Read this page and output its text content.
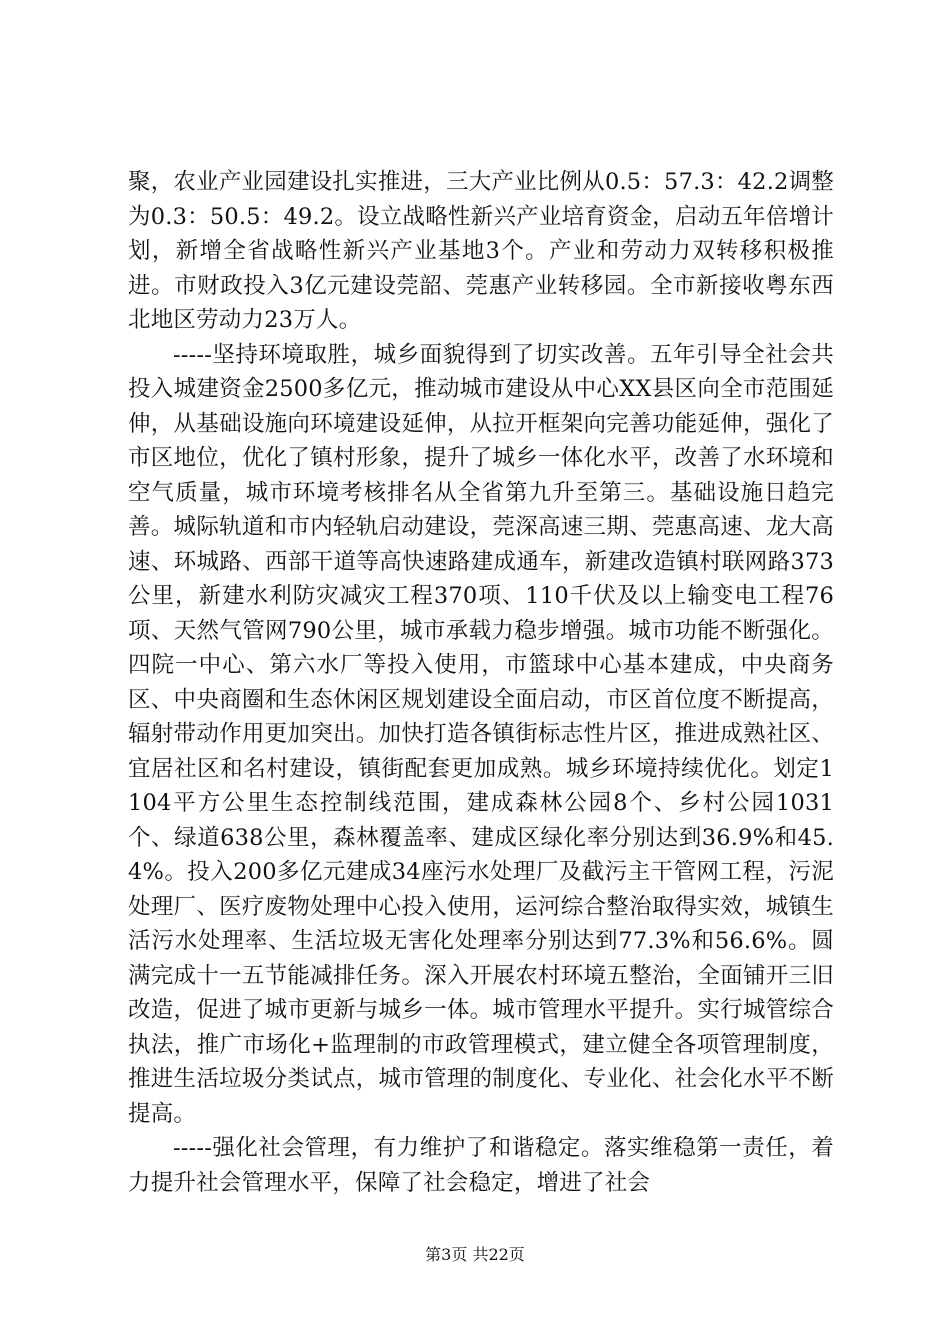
聚，农业产业园建设扎实推进，三大产业比例从0.5：57.3：42.2调整为0.3：50.5：49.2。设立战略性新兴产业培育资金，启动五年倍增计划，新增全省战略性新兴产业基地3个。产业和劳动力双转移积极推进。市财政投入3亿元建设莞韶、莞惠产业转移园。全市新接收粤东西北地区劳动力23万人。

-----坚持环境取胜，城乡面貌得到了切实改善。五年引导全社会共投入城建资金2500多亿元，推动城市建设从中心XX县区向全市范围延伸，从基础设施向环境建设延伸，从拉开框架向完善功能延伸，强化了市区地位，优化了镇村形象，提升了城乡一体化水平，改善了水环境和空气质量，城市环境考核排名从全省第九升至第三。基础设施日趋完善。城际轨道和市内轻轨启动建设，莞深高速三期、莞惠高速、龙大高速、环城路、西部干道等高快速路建成通车，新建改造镇村联网路373公里，新建水利防灾减灾工程370项、110千伏及以上输变电工程76项、天然气管网790公里，城市承载力稳步增强。城市功能不断强化。四院一中心、第六水厂等投入使用，市篮球中心基本建成，中央商务区、中央商圈和生态休闲区规划建设全面启动，市区首位度不断提高，辐射带动作用更加突出。加快打造各镇街标志性片区，推进成熟社区、宜居社区和名村建设，镇街配套更加成熟。城乡环境持续优化。划定1104平方公里生态控制线范围，建成森林公园8个、乡村公园1031个、绿道638公里，森林覆盖率、建成区绿化率分别达到36.9%和45.4%。投入200多亿元建成34座污水处理厂及截污主干管网工程，污泥处理厂、医疗废物处理中心投入使用，运河综合整治取得实效，城镇生活污水处理率、生活垃圾无害化处理率分别达到77.3%和56.6%。圆满完成十一五节能减排任务。深入开展农村环境五整治，全面铺开三旧改造，促进了城市更新与城乡一体。城市管理水平提升。实行城管综合执法，推广市场化+监理制的市政管理模式，建立健全各项管理制度，推进生活垃圾分类试点，城市管理的制度化、专业化、社会化水平不断提高。

-----强化社会管理，有力维护了和谐稳定。落实维稳第一责任，着力提升社会管理水平，保障了社会稳定，增进了社会

第3页 共22页
